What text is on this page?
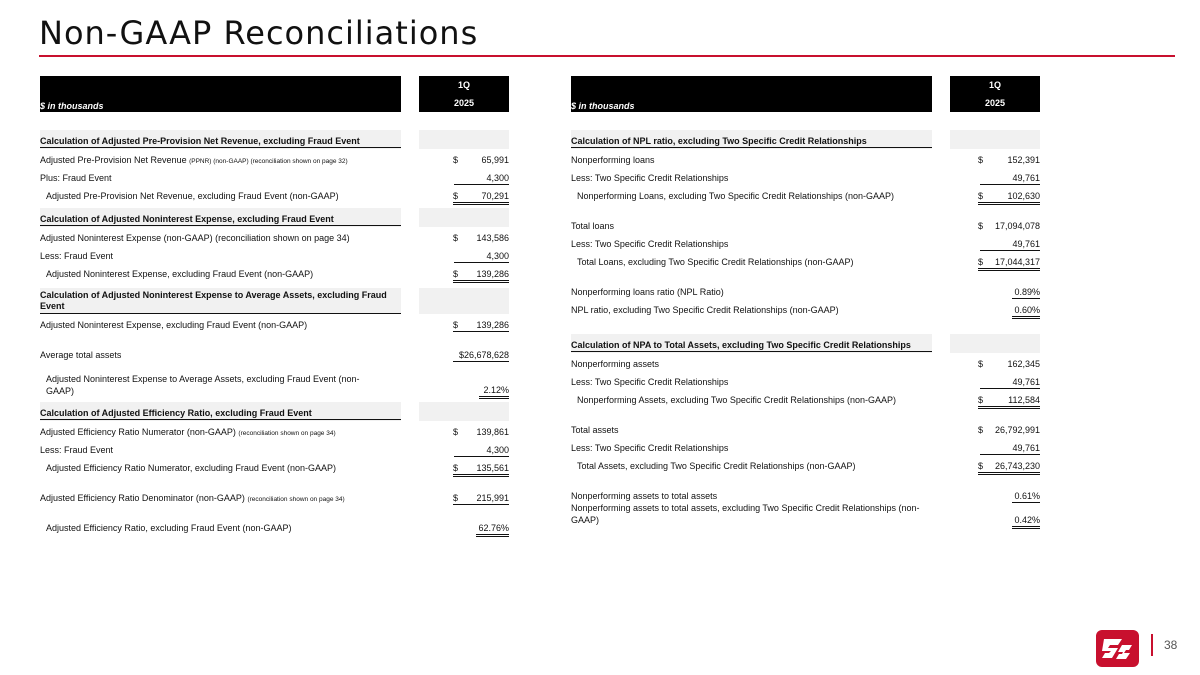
Non-GAAP Reconciliations
$ in thousands
1Q
2025
Calculation of Adjusted Pre-Provision Net Revenue, excluding Fraud Event
Adjusted Pre-Provision Net Revenue (PPNR) (non-GAAP) (reconciliation shown on page 32)	$	65,991
Plus: Fraud Event	4,300
Adjusted Pre-Provision Net Revenue, excluding Fraud Event (non-GAAP)	$	70,291
Calculation of Adjusted Noninterest Expense, excluding Fraud Event
Adjusted Noninterest Expense (non-GAAP) (reconciliation shown on page 34)	$ 143,586
Less: Fraud Event	4,300
Adjusted Noninterest Expense, excluding Fraud Event (non-GAAP)	$	139,286
Calculation of Adjusted Noninterest Expense to Average Assets, excluding Fraud Event
Adjusted Noninterest Expense, excluding Fraud Event (non-GAAP)	$	139,286
Average total assets	$26,678,628
Adjusted Noninterest Expense to Average Assets, excluding Fraud Event (non-GAAP)	2.12%
Calculation of Adjusted Efficiency Ratio, excluding Fraud Event
Adjusted Efficiency Ratio Numerator (non-GAAP) (reconciliation shown on page 34)	$ 139,861
Less: Fraud Event	4,300
Adjusted Efficiency Ratio Numerator, excluding Fraud Event (non-GAAP)	$	135,561
Adjusted Efficiency Ratio Denominator (non-GAAP) (reconciliation shown on page 34)	$	215,991
Adjusted Efficiency Ratio, excluding Fraud Event (non-GAAP)	62.76%
$ in thousands
1Q
2025
Calculation of NPL ratio, excluding Two Specific Credit Relationships
Nonperforming loans	$	152,391
Less: Two Specific Credit Relationships	49,761
Nonperforming Loans, excluding Two Specific Credit Relationships (non-GAAP)	$	102,630
Total loans	$ 17,094,078
Less: Two Specific Credit Relationships	49,761
Total Loans, excluding Two Specific Credit Relationships (non-GAAP)	$	17,044,317
Nonperforming loans ratio (NPL Ratio)	0.89%
NPL ratio, excluding Two Specific Credit Relationships (non-GAAP)	0.60%
Calculation of NPA to Total Assets, excluding Two Specific Credit Relationships
Nonperforming assets	$	162,345
Less: Two Specific Credit Relationships	49,761
Nonperforming Assets, excluding Two Specific Credit Relationships (non-GAAP)	$	112,584
Total assets	$ 26,792,991
Less: Two Specific Credit Relationships	49,761
Total Assets, excluding Two Specific Credit Relationships (non-GAAP)	$	26,743,230
Nonperforming assets to total assets	0.61%
Nonperforming assets to total assets, excluding Two Specific Credit Relationships (non-GAAP)	0.42%
38
